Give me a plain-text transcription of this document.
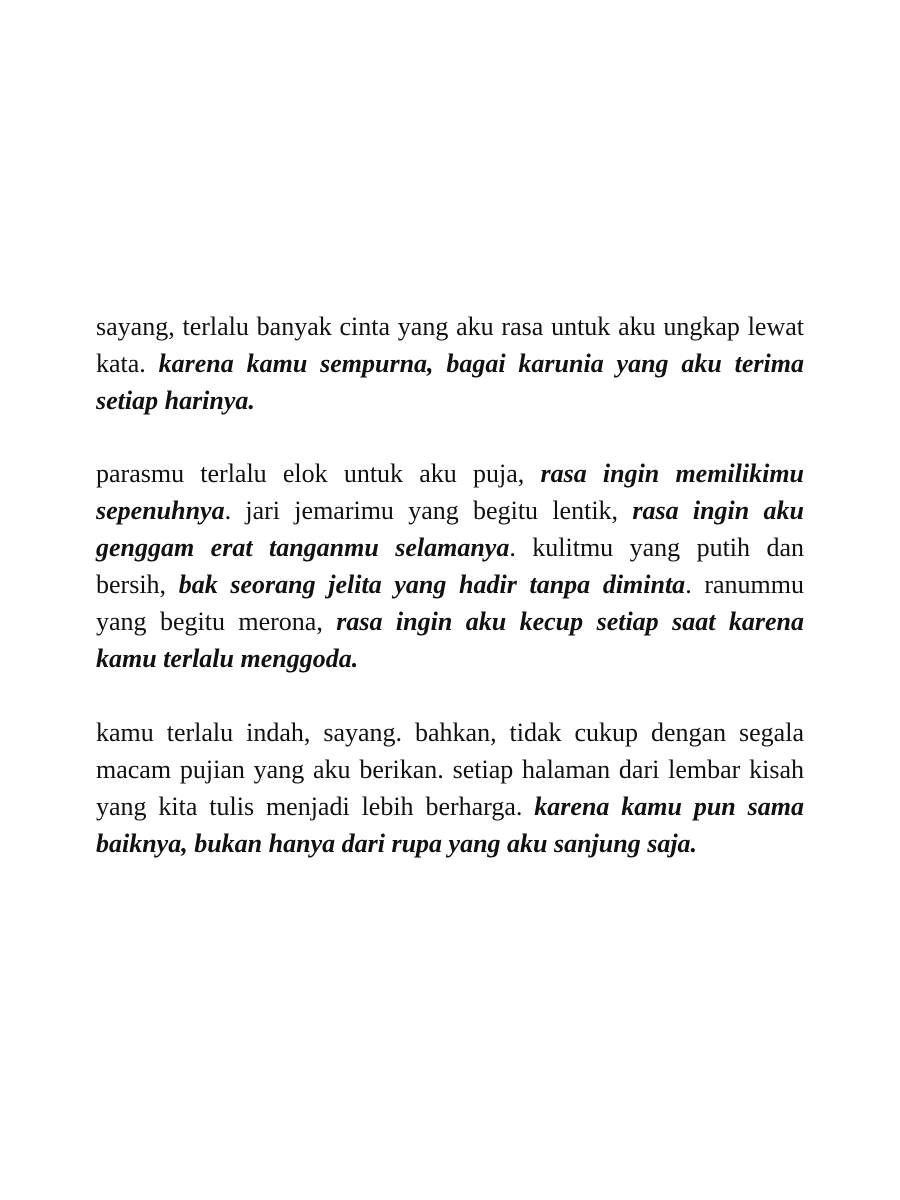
sayang, terlalu banyak cinta yang aku rasa untuk aku ungkap lewat kata. karena kamu sempurna, bagai karunia yang aku terima setiap harinya.

parasmu terlalu elok untuk aku puja, rasa ingin memilikimu sepenuhnya. jari jemarimu yang begitu lentik, rasa ingin aku genggam erat tanganmu selamanya. kulitmu yang putih dan bersih, bak seorang jelita yang hadir tanpa diminta. ranummu yang begitu merona, rasa ingin aku kecup setiap saat karena kamu terlalu menggoda.

kamu terlalu indah, sayang. bahkan, tidak cukup dengan segala macam pujian yang aku berikan. setiap halaman dari lembar kisah yang kita tulis menjadi lebih berharga. karena kamu pun sama baiknya, bukan hanya dari rupa yang aku sanjung saja.
